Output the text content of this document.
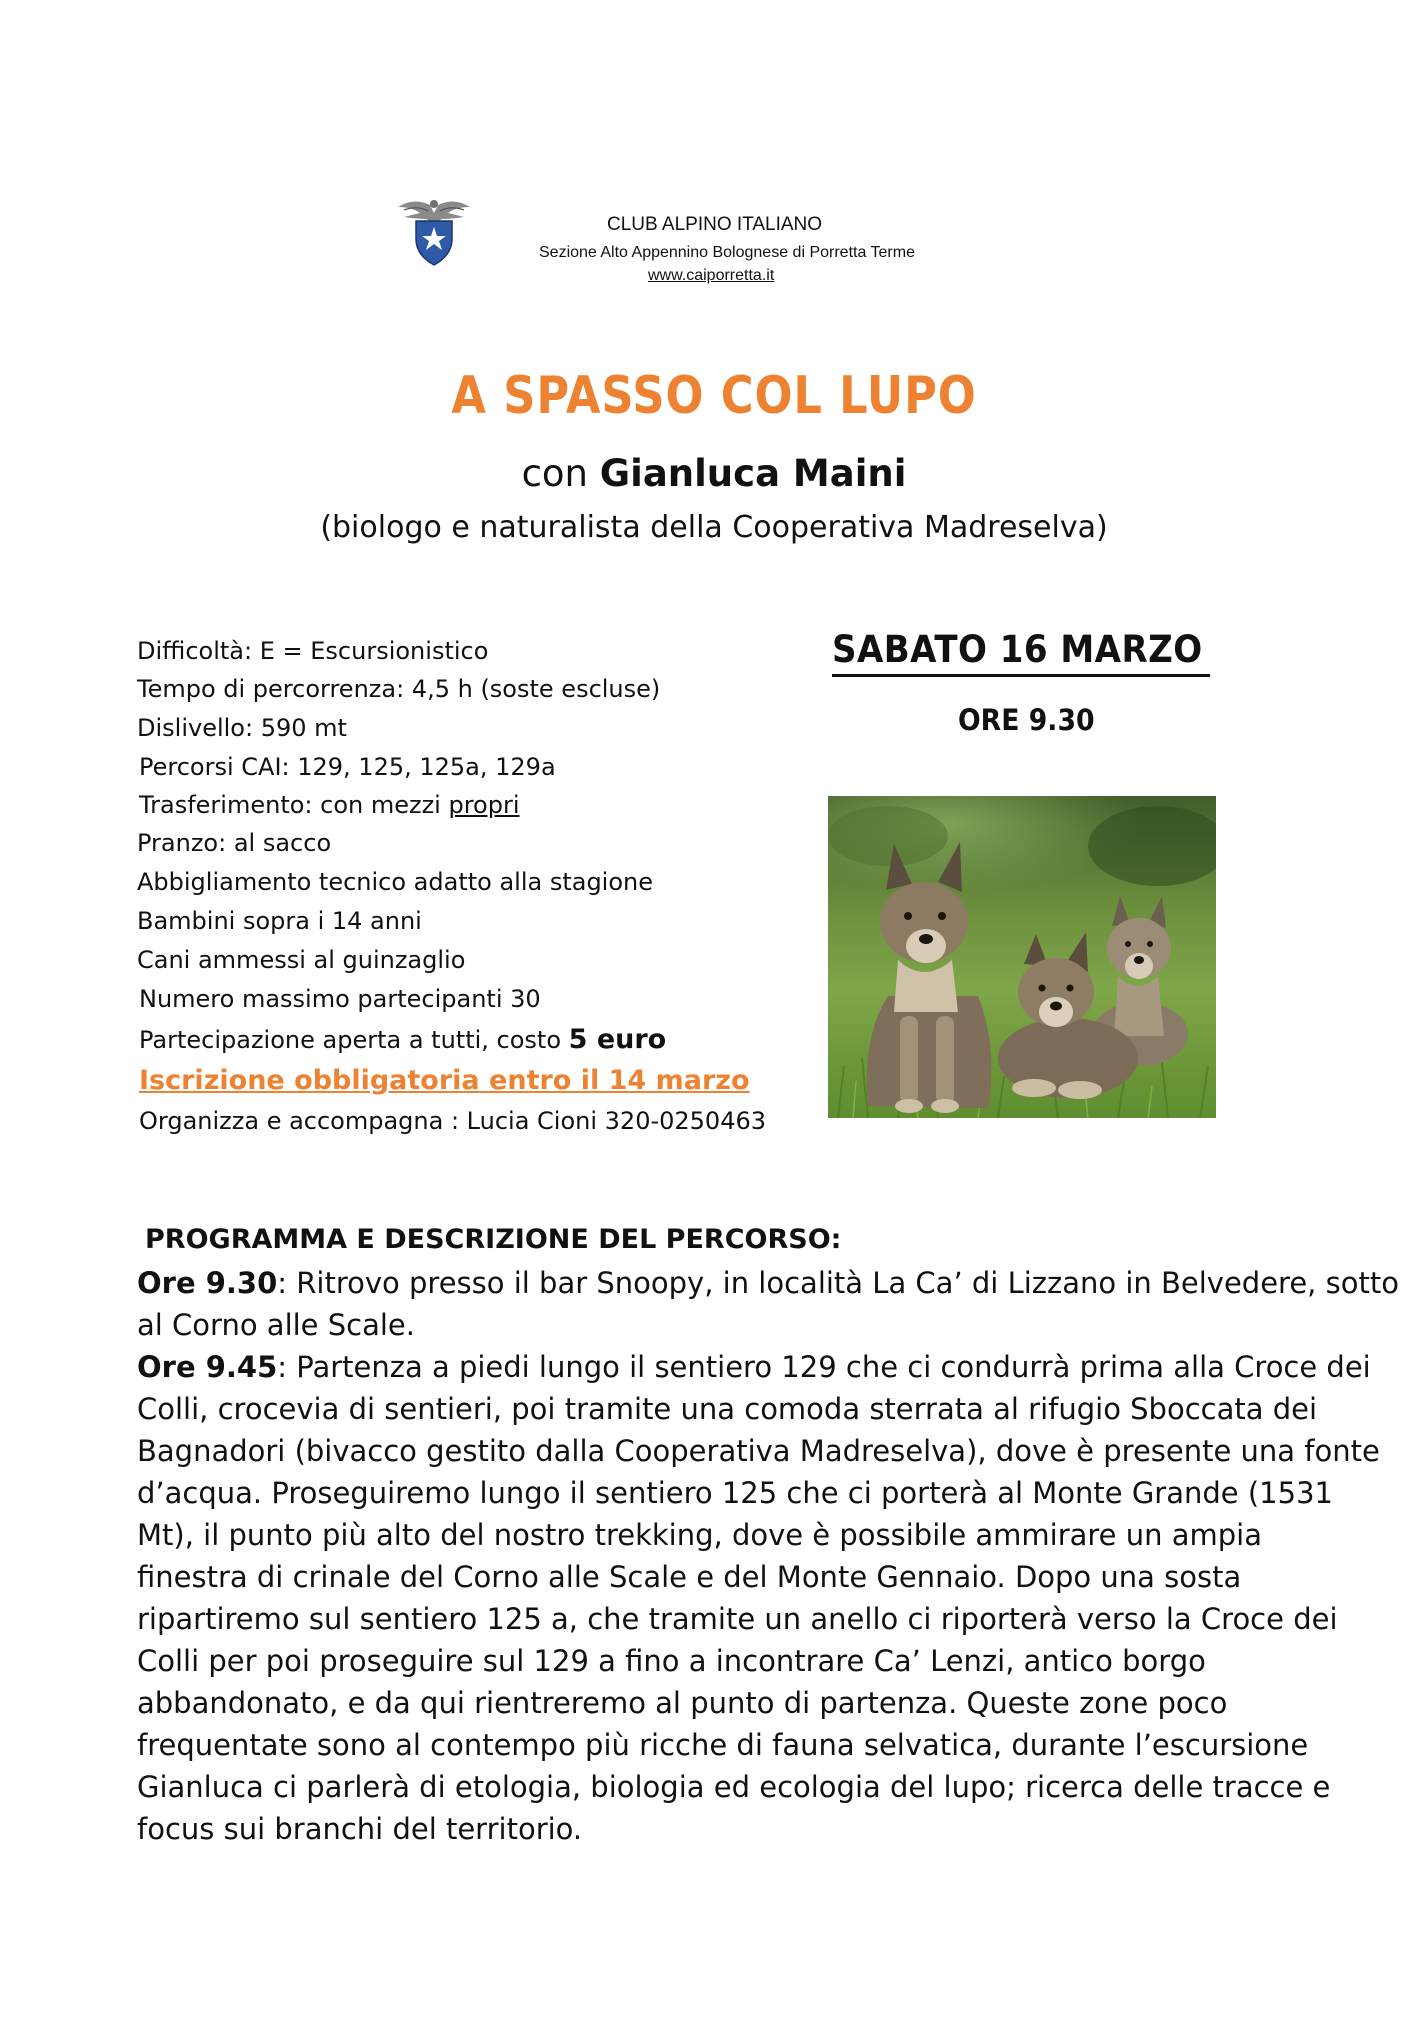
CLUB ALPINO ITALIANO
Sezione Alto Appennino Bolognese di Porretta Terme
www.caiporretta.it
A SPASSO COL LUPO
con Gianluca Maini
(biologo e naturalista della Cooperativa Madreselva)
Difficoltà: E = Escursionistico
Tempo di percorrenza: 4,5 h (soste escluse)
Dislivello: 590 mt
Percorsi CAI: 129, 125, 125a, 129a
Trasferimento: con mezzi propri
Pranzo: al sacco
Abbigliamento tecnico adatto alla stagione
Bambini sopra i 14 anni
Cani ammessi al guinzaglio
Numero massimo partecipanti 30
Partecipazione aperta a tutti, costo 5 euro
Iscrizione obbligatoria entro il 14 marzo
Organizza e accompagna : Lucia Cioni 320-0250463
SABATO 16 MARZO
ORE 9.30
PROGRAMMA E DESCRIZIONE DEL PERCORSO:
Ore 9.30: Ritrovo presso il bar Snoopy, in località La Ca’ di Lizzano in Belvedere, sotto
al Corno alle Scale.
Ore 9.45: Partenza a piedi lungo il sentiero 129 che ci condurrà prima alla Croce dei
Colli, crocevia di sentieri, poi tramite una comoda sterrata al rifugio Sboccata dei
Bagnadori (bivacco gestito dalla Cooperativa Madreselva), dove è presente una fonte
d’acqua. Proseguiremo lungo il sentiero 125 che ci porterà al Monte Grande (1531
Mt), il punto più alto del nostro trekking, dove è possibile ammirare un ampia
finestra di crinale del Corno alle Scale e del Monte Gennaio. Dopo una sosta
ripartiremo sul sentiero 125 a, che tramite un anello ci riporterà verso la Croce dei
Colli per poi proseguire sul 129 a fino a incontrare Ca’ Lenzi, antico borgo
abbandonato, e da qui rientreremo al punto di partenza. Queste zone poco
frequentate sono al contempo più ricche di fauna selvatica, durante l’escursione
Gianluca ci parlerà di etologia, biologia ed ecologia del lupo; ricerca delle tracce e
focus sui branchi del territorio.
